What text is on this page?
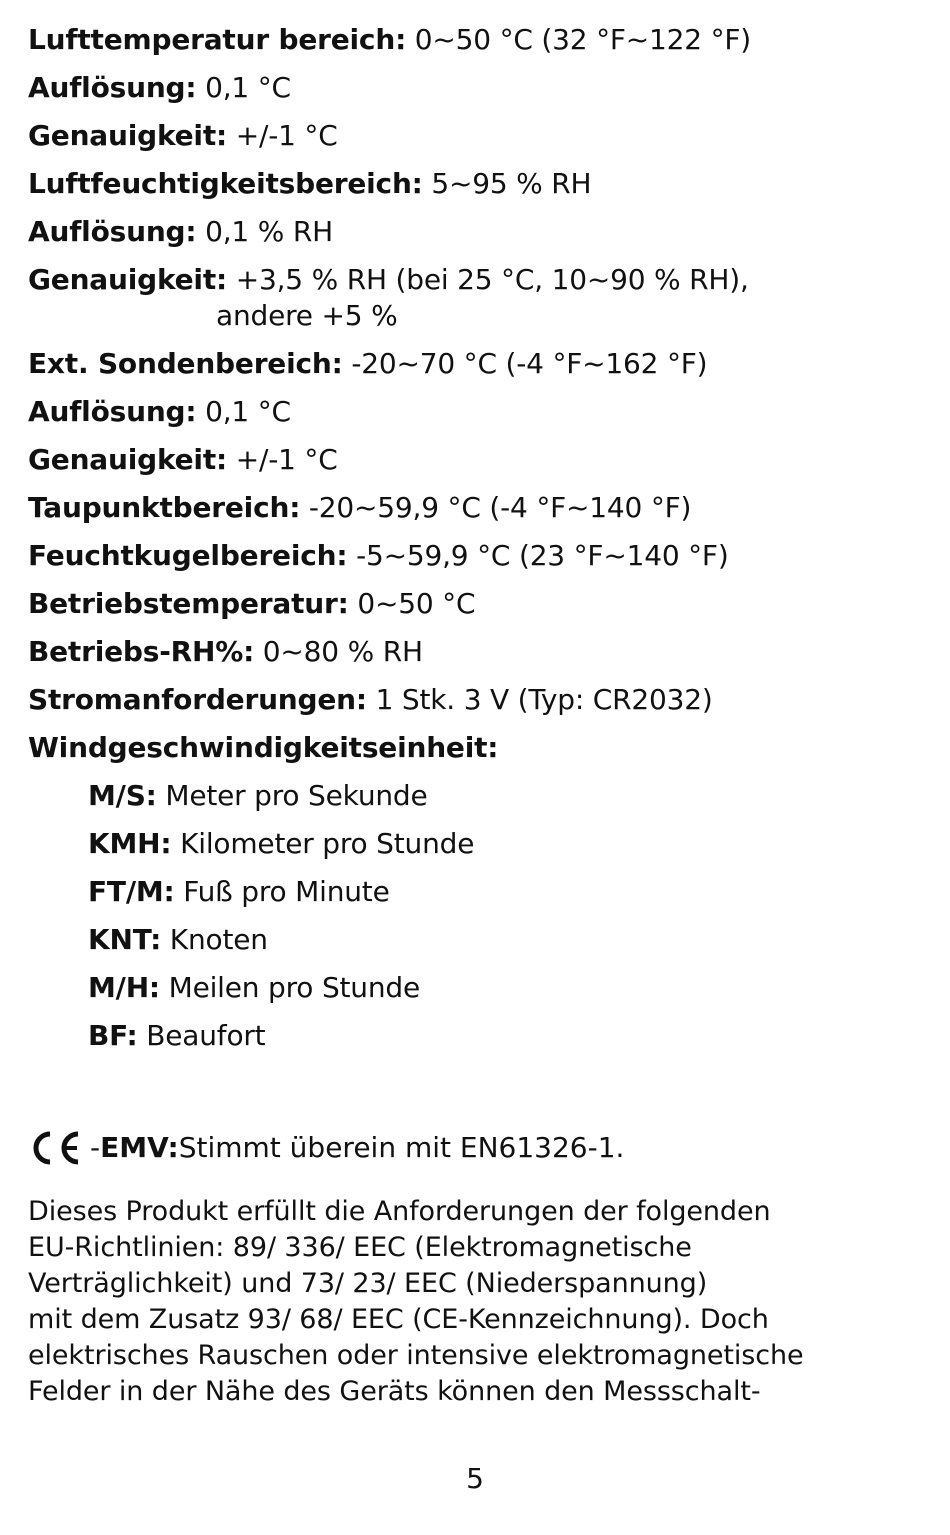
Lufttemperatur bereich: 0~50 °C (32 °F~122 °F)
Auflösung: 0,1 °C
Genauigkeit: +/-1 °C
Luftfeuchtigkeitsbereich: 5~95 % RH
Auflösung: 0,1 % RH
Genauigkeit: +3,5 % RH (bei 25 °C, 10~90 % RH),
andere +5 %
Ext. Sondenbereich: -20~70 °C (-4 °F~162 °F)
Auflösung: 0,1 °C
Genauigkeit: +/-1 °C
Taupunktbereich: -20~59,9 °C (-4 °F~140 °F)
Feuchtkugelbereich: -5~59,9 °C (23 °F~140 °F)
Betriebstemperatur: 0~50 °C
Betriebs-RH%: 0~80 % RH
Stromanforderungen: 1 Stk. 3 V (Typ: CR2032)
Windgeschwindigkeitseinheit:
M/S: Meter pro Sekunde
KMH: Kilometer pro Stunde
FT/M: Fuß pro Minute
KNT: Knoten
M/H: Meilen pro Stunde
BF: Beaufort
- EMV: Stimmt überein mit EN61326-1.
Dieses Produkt erfüllt die Anforderungen der folgenden
EU-Richtlinien: 89/ 336/ EEC (Elektromagnetische
Verträglichkeit) und 73/ 23/ EEC (Niederspannung)
mit dem Zusatz 93/ 68/ EEC (CE-Kennzeichnung). Doch
elektrisches Rauschen oder intensive elektromagnetische
Felder in der Nähe des Geräts können den Messschalt-
5
